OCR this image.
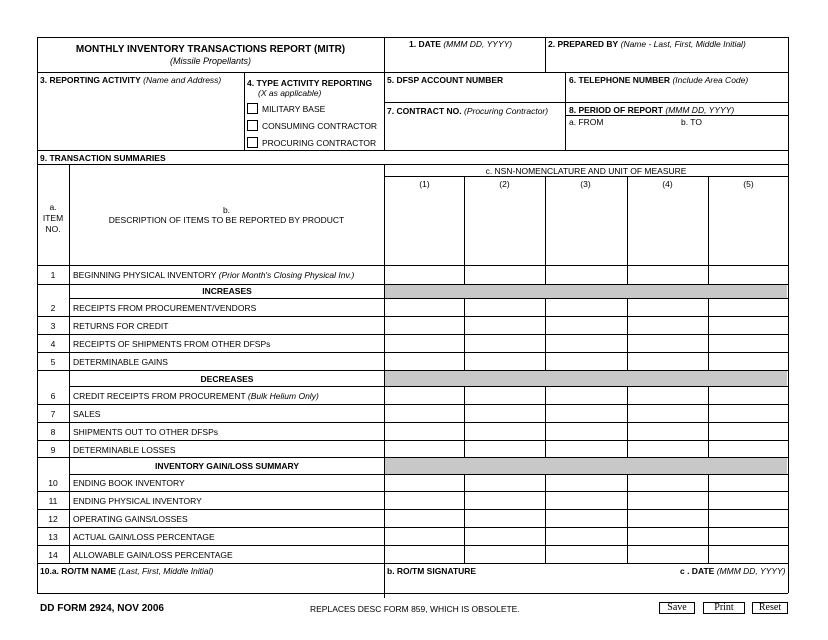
MONTHLY INVENTORY TRANSACTIONS REPORT (MITR)
(Missile Propellants)
1. DATE (MMM DD, YYYY)	2. PREPARED BY (Name - Last, First, Middle Initial)
3. REPORTING ACTIVITY (Name and Address)	4. TYPE ACTIVITY REPORTING
(X as applicable)
MILITARY BASE
CONSUMING CONTRACTOR
PROCURING CONTRACTOR
5. DFSP ACCOUNT NUMBER	6. TELEPHONE NUMBER (Include Area Code)
7. CONTRACT NO. (Procuring Contractor) 8. PERIOD OF REPORT (MMM DD, YYYY)
a. FROM	b. TO
9. TRANSACTION SUMMARIES
a.
ITEM
NO.
b.
DESCRIPTION OF ITEMS TO BE REPORTED BY PRODUCT
c. NSN-NOMENCLATURE AND UNIT OF MEASURE
(1)	(2)	(3)	(4)	(5)
1	BEGINNING PHYSICAL INVENTORY (Prior Month's Closing Physical Inv.)
INCREASES
2	RECEIPTS FROM PROCUREMENT/VENDORS
3	RETURNS FOR CREDIT
4	RECEIPTS OF SHIPMENTS FROM OTHER DFSPs
5	DETERMINABLE GAINS
DECREASES
6	CREDIT RECEIPTS FROM PROCUREMENT (Bulk Helium Only)
7	SALES
8	SHIPMENTS OUT TO OTHER DFSPs
9	DETERMINABLE LOSSES
INVENTORY GAIN/LOSS SUMMARY
10	ENDING BOOK INVENTORY
11	ENDING PHYSICAL INVENTORY
12	OPERATING GAINS/LOSSES
13	ACTUAL GAIN/LOSS PERCENTAGE
14	ALLOWABLE GAIN/LOSS PERCENTAGE
10.a. RO/TM NAME (Last, First, Middle Initial)	b. RO/TM SIGNATURE	c . DATE (MMM DD, YYYY)
DD FORM 2924, NOV 2006	REPLACES DESC FORM 859, WHICH IS OBSOLETE.	Save	Print	Reset
